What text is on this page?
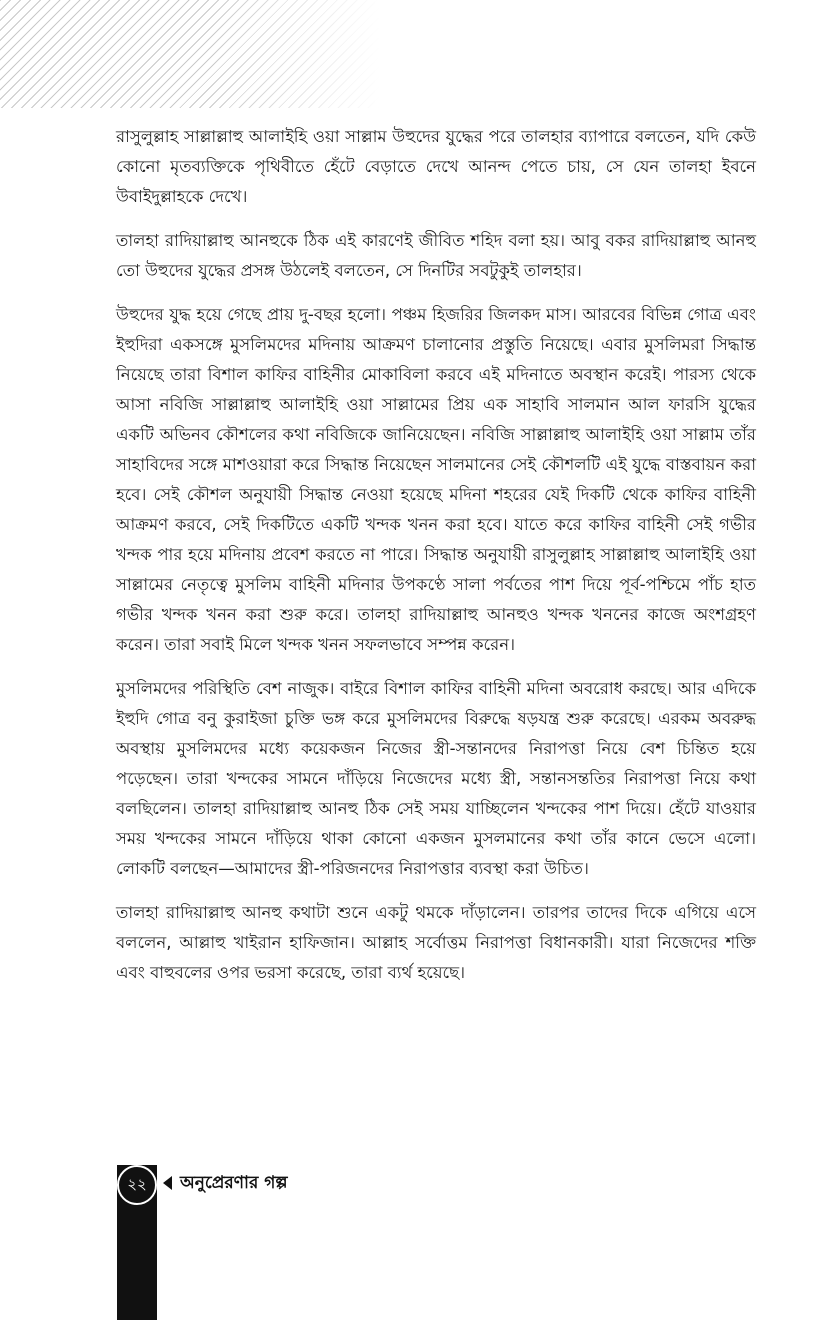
রাসুলুল্লাহ সাল্লাল্লাহু আলাইহি ওয়া সাল্লাম উহুদের যুদ্ধের পরে তালহার ব্যাপারে বলতেন, যদি কেউ কোনো মৃতব্যক্তিকে পৃথিবীতে হেঁটে বেড়াতে দেখে আনন্দ পেতে চায়, সে যেন তালহা ইবনে উবাইদুল্লাহকে দেখে।

তালহা রাদিয়াল্লাহু আনহুকে ঠিক এই কারণেই জীবিত শহিদ বলা হয়। আবু বকর রাদিয়াল্লাহু আনহু তো উহুদের যুদ্ধের প্রসঙ্গ উঠলেই বলতেন, সে দিনটির সবটুকুই তালহার।

উহুদের যুদ্ধ হয়ে গেছে প্রায় দু-বছর হলো। পঞ্চম হিজরির জিলকদ মাস। আরবের বিভিন্ন গোত্র এবং ইহুদিরা একসঙ্গে মুসলিমদের মদিনায় আক্রমণ চালানোর প্রস্তুতি নিয়েছে। এবার মুসলিমরা সিদ্ধান্ত নিয়েছে তারা বিশাল কাফির বাহিনীর মোকাবিলা করবে এই মদিনাতে অবস্থান করেই। পারস্য থেকে আসা নবিজি সাল্লাল্লাহু আলাইহি ওয়া সাল্লামের প্রিয় এক সাহাবি সালমান আল ফারসি যুদ্ধের একটি অভিনব কৌশলের কথা নবিজিকে জানিয়েছেন। নবিজি সাল্লাল্লাহু আলাইহি ওয়া সাল্লাম তাঁর সাহাবিদের সঙ্গে মাশওয়ারা করে সিদ্ধান্ত নিয়েছেন সালমানের সেই কৌশলটি এই যুদ্ধে বাস্তবায়ন করা হবে। সেই কৌশল অনুযায়ী সিদ্ধান্ত নেওয়া হয়েছে মদিনা শহরের যেই দিকটি থেকে কাফির বাহিনী আক্রমণ করবে, সেই দিকটিতে একটি খন্দক খনন করা হবে। যাতে করে কাফির বাহিনী সেই গভীর খন্দক পার হয়ে মদিনায় প্রবেশ করতে না পারে। সিদ্ধান্ত অনুযায়ী রাসুলুল্লাহ সাল্লাল্লাহু আলাইহি ওয়া সাল্লামের নেতৃত্বে মুসলিম বাহিনী মদিনার উপকণ্ঠে সালা পর্বতের পাশ দিয়ে পূর্ব-পশ্চিমে পাঁচ হাত গভীর খন্দক খনন করা শুরু করে। তালহা রাদিয়াল্লাহু আনহুও খন্দক খননের কাজে অংশগ্রহণ করেন। তারা সবাই মিলে খন্দক খনন সফলভাবে সম্পন্ন করেন।

মুসলিমদের পরিস্থিতি বেশ নাজুক। বাইরে বিশাল কাফির বাহিনী মদিনা অবরোধ করছে। আর এদিকে ইহুদি গোত্র বনু কুরাইজা চুক্তি ভঙ্গ করে মুসলিমদের বিরুদ্ধে ষড়যন্ত্র শুরু করেছে। এরকম অবরুদ্ধ অবস্থায় মুসলিমদের মধ্যে কয়েকজন নিজের স্ত্রী-সন্তানদের নিরাপত্তা নিয়ে বেশ চিন্তিত হয়ে পড়েছেন। তারা খন্দকের সামনে দাঁড়িয়ে নিজেদের মধ্যে স্ত্রী, সন্তানসন্ততির নিরাপত্তা নিয়ে কথা বলছিলেন। তালহা রাদিয়াল্লাহু আনহু ঠিক সেই সময় যাচ্ছিলেন খন্দকের পাশ দিয়ে। হেঁটে যাওয়ার সময় খন্দকের সামনে দাঁড়িয়ে থাকা কোনো একজন মুসলমানের কথা তাঁর কানে ভেসে এলো। লোকটি বলছেন—আমাদের স্ত্রী-পরিজনদের নিরাপত্তার ব্যবস্থা করা উচিত।

তালহা রাদিয়াল্লাহু আনহু কথাটা শুনে একটু থমকে দাঁড়ালেন। তারপর তাদের দিকে এগিয়ে এসে বললেন, আল্লাহু খাইরান হাফিজান। আল্লাহ সর্বোত্তম নিরাপত্তা বিধানকারী। যারা নিজেদের শক্তি এবং বাহুবলের ওপর ভরসা করেছে, তারা ব্যর্থ হয়েছে।

২২	অনুপ্রেরণার গল্প
